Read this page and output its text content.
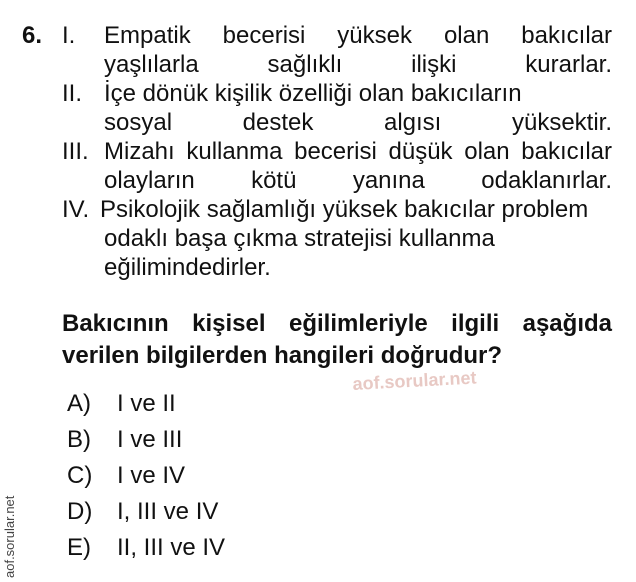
6. I. Empatik becerisi yüksek olan bakıcılar
yaşlılarla sağlıklı ilişki kurarlar.
II. İçe dönük kişilik özelliği olan bakıcıların
sosyal destek algısı yüksektir.
III. Mizahı kullanma becerisi düşük olan bakıcılar
olayların kötü yanına odaklanırlar.
IV. Psikolojik sağlamlığı yüksek bakıcılar problem
odaklı başa çıkma stratejisi kullanma
eğilimindedirler.
Bakıcının kişisel eğilimleriyle ilgili aşağıda
verilen bilgilerden hangileri doğrudur?
aof.sorular.net
A) I ve II
B) I ve III
C) I ve IV
D) I, III ve IV
E) II, III ve IV
aof.sorular.net
